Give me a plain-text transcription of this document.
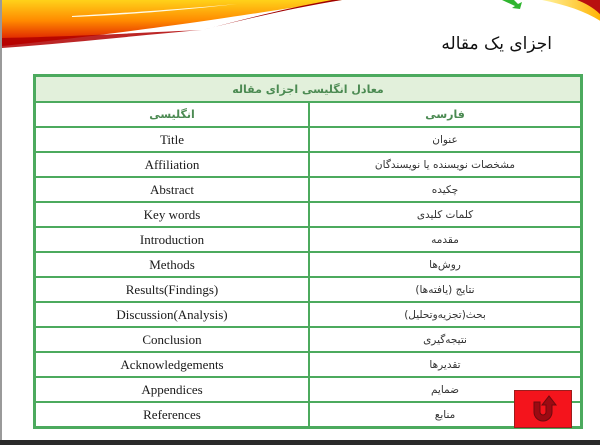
اجزای یک مقاله
معادل انگلیسی اجزای مقاله	
انگلیسی	فارسی
Title	عنوان
Affiliation	مشخصات نویسنده یا نویسندگان
Abstract	چکیده
Key words	کلمات کلیدی
Introduction	مقدمه
Methods	روش‌ها
Results(Findings)	نتایج (یافته‌ها)
Discussion(Analysis)	بحث(تجزیه‌وتحلیل)
Conclusion	نتیجه‌گیری
Acknowledgements	تقدیرها
Appendices	ضمایم
References	منابع
